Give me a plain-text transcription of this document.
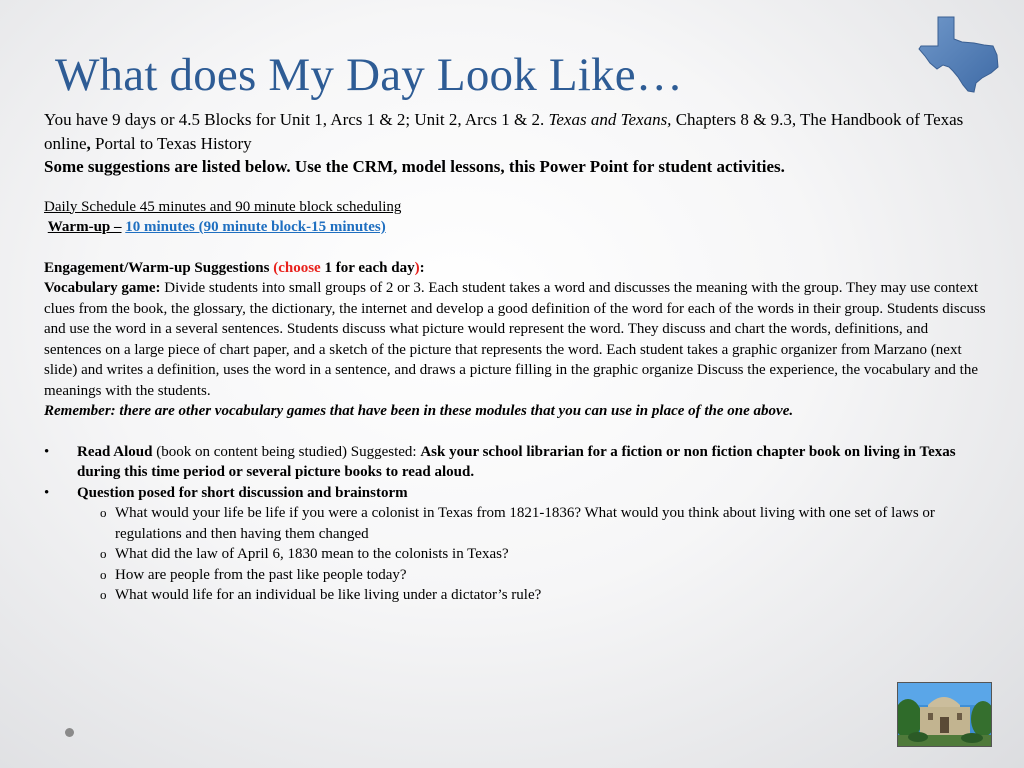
What does My Day Look Like…
You have 9 days or 4.5 Blocks for Unit 1, Arcs 1 & 2; Unit 2, Arcs 1 & 2. Texas and Texans, Chapters 8 & 9.3, The Handbook of Texas online, Portal to Texas History
Some suggestions are listed below. Use the CRM, model lessons, this Power Point for student activities.
Daily Schedule 45 minutes and 90 minute block scheduling
Warm-up – 10 minutes (90 minute block-15 minutes)
Engagement/Warm-up Suggestions (choose 1 for each day):
Vocabulary game: Divide students into small groups of 2 or 3. Each student takes a word and discusses the meaning with the group. They may use context clues from the book, the glossary, the dictionary, the internet and develop a good definition of the word for each of the words in their group. Students discuss and use the word in a several sentences. Students discuss what picture would represent the word. They discuss and chart the words, definitions, and sentences on a large piece of chart paper, and a sketch of the picture that represents the word. Each student takes a graphic organizer from Marzano (next slide) and writes a definition, uses the word in a sentence, and draws a picture filling in the graphic organize Discuss the experience, the vocabulary and the meanings with the students.
Remember: there are other vocabulary games that have been in these modules that you can use in place of the one above.
• Read Aloud (book on content being studied) Suggested: Ask your school librarian for a fiction or non fiction chapter book on living in Texas during this time period or several picture books to read aloud.
• Question posed for short discussion and brainstorm
o What would your life be life if you were a colonist in Texas from 1821-1836? What would you think about living with one set of laws or regulations and then having them changed
o What did the law of April 6, 1830 mean to the colonists in Texas?
o How are people from the past like people today?
o What would life for an individual be like living under a dictator’s rule?
